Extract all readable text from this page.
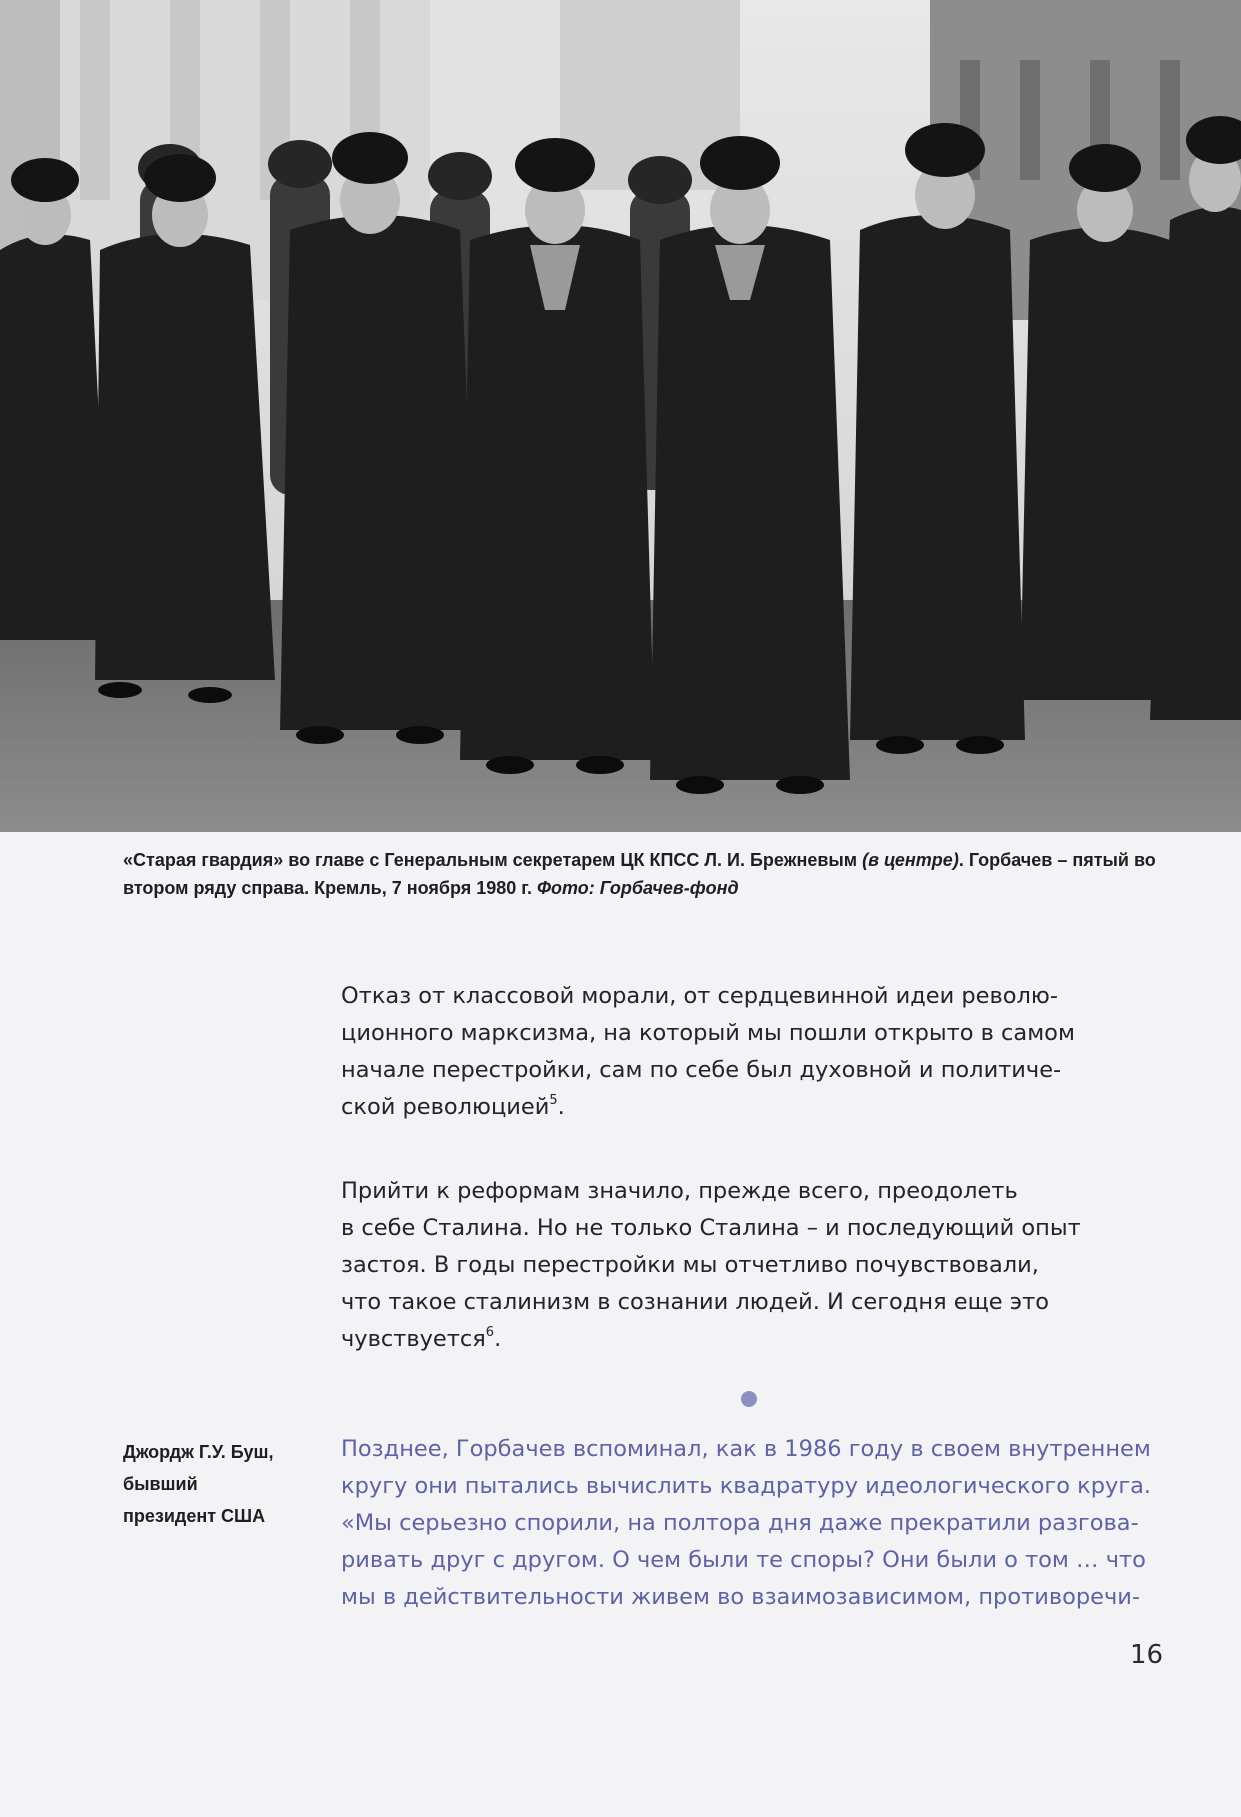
«Старая гвардия» во главе с Генеральным секретарем ЦК КПСС Л. И. Брежневым (в центре). Горбачев – пятый во втором ряду справа. Кремль, 7 ноября 1980 г. Фото: Горбачев-фонд

Отказ от классовой морали, от сердцевинной идеи револю-
ционного марксизма, на который мы пошли открыто в самом
начале перестройки, сам по себе был духовной и политиче-
ской революцией$^5$.

Прийти к реформам значило, прежде всего, преодолеть
в себе Сталина. Но не только Сталина – и последующий опыт
застоя. В годы перестройки мы отчетливо почувствовали,
что такое сталинизм в сознании людей. И сегодня еще это
чувствуется$^6$.

Джордж Г.У. Буш,
бывший
президент США

Позднее, Горбачев вспоминал, как в 1986 году в своем внутреннем
кругу они пытались вычислить квадратуру идеологического круга.
«Мы серьезно спорили, на полтора дня даже прекратили разгова-
ривать друг с другом. О чем были те споры? Они были о том … что
мы в действительности живем во взаимозависимом, противоречи-

16
